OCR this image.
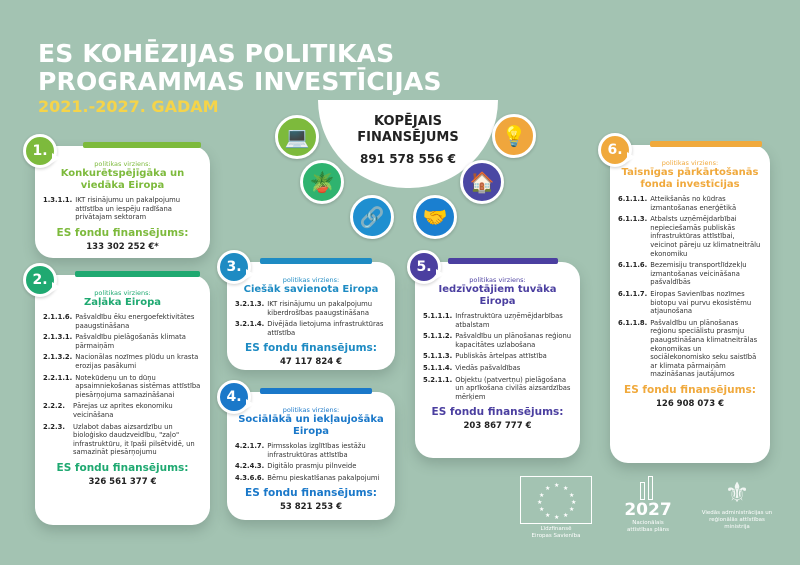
ES KOHĒZIJAS POLITIKAS
PROGRAMMAS INVESTĪCIJAS
2021.-2027. GADAM
KOPĒJAIS
FINANSĒJUMS
891 578 556 €
💻
🪴
🔗	🤝
🏠
💡
1.
politikas virziens:
Konkurētspējīgāka un viedāka Eiropa
1.3.1.1. IKT risinājumu un pakalpojumu attīstība un iespēju radīšana privātajam sektoram
ES fondu finansējums:
133 302 252 €*
2.
politikas virziens:
Zaļāka Eiropa
2.1.1.6. Pašvaldību ēku energoefektivitātes paaugstināšana
2.1.3.1. Pašvaldību pielāgošanās klimata pārmaiņām
2.1.3.2. Nacionālas nozīmes plūdu un krasta erozijas pasākumi
2.2.1.1. Notekūdeņu un to dūņu apsaimniekošanas sistēmas attīstība piesārņojuma samazināšanai
2.2.2.	Pārejas uz aprites ekonomiku veicināšana
2.2.3.	Uzlabot dabas aizsardzību un bioloģisko daudzveidību, "zaļo" infrastruktūru, it īpaši pilsētvidē, un samazināt piesārņojumu
ES fondu finansējums:
326 561 377 €
3.
politikas virziens:
Ciešāk savienota Eiropa
3.2.1.3. IKT risinājumu un pakalpojumu kiberdrošības paaugstināšana
3.2.1.4. Divējāda lietojuma infrastruktūras attīstība
ES fondu finansējums:
47 117 824 €
4.
politikas virziens:
Sociālākā un iekļaujošāka Eiropa
4.2.1.7. Pirmsskolas izglītības iestāžu infrastruktūras attīstība
4.2.4.3. Digitālo prasmju pilnveide
4.3.6.6. Bērnu pieskatīšanas pakalpojumi
ES fondu finansējums:
53 821 253 €
5.
politikas virziens:
Iedzīvotājiem tuvāka Eiropa
5.1.1.1. Infrastruktūra uzņēmējdarbības atbalstam
5.1.1.2. Pašvaldību un plānošanas reģionu kapacitātes uzlabošana
5.1.1.3. Publiskās ārtelpas attīstība
5.1.1.4. Viedās pašvaldības
5.2.1.1. Objektu (patvertņu) pielāgošana un aprīkošana civilās aizsardzības mērķiem
ES fondu finansējums:
203 867 777 €
6.
politikas virziens:
Taisnīgas pārkārtošanās fonda investīcijas
6.1.1.1. Atteikšanās no kūdras izmantošanas enerģētikā
6.1.1.3. Atbalsts uzņēmējdarbībai nepieciešamās publiskās infrastruktūras attīstībai, veicinot pāreju uz klimatneitrālu ekonomiku
6.1.1.6. Bezemisiju transportlīdzekļu izmantošanas veicināšana pašvaldībās
6.1.1.7. Eiropas Savienības nozīmes biotopu vai purvu ekosistēmu atjaunošana
6.1.1.8. Pašvaldību un plānošanas reģionu speciālistu prasmju paaugstināšana klimatneitrālas ekonomikas un sociālekonomisko seku saistībā ar klimata pārmaiņām mazināšanas jautājumos
ES fondu finansējums:
126 908 073 €
★ ★
★
★
★
★
★
★
★
★
★
★
Līdzfinansē
Eiropas Savienība
2027
Nacionālais
attīstības plāns
⚜
Viedās administrācijas un
reģionālās attīstības
ministrija
